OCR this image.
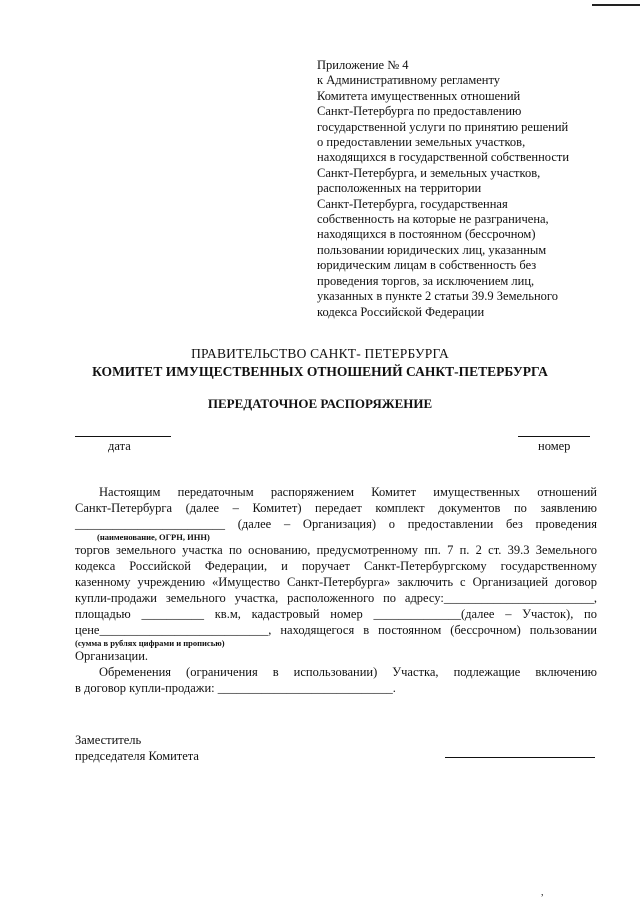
Приложение № 4
к Административному регламенту
Комитета имущественных отношений
Санкт-Петербурга по предоставлению
государственной услуги по принятию решений
о предоставлении земельных участков,
находящихся в государственной собственности
Санкт-Петербурга, и земельных участков,
расположенных на территории
Санкт-Петербурга, государственная
собственность на которые не разграничена,
находящихся в постоянном (бессрочном)
пользовании юридических лиц, указанным
юридическим лицам в собственность без
проведения торгов, за исключением лиц,
указанных в пункте 2 статьи 39.9 Земельного
кодекса Российской Федерации
ПРАВИТЕЛЬСТВО САНКТ- ПЕТЕРБУРГА
КОМИТЕТ ИМУЩЕСТВЕННЫХ ОТНОШЕНИЙ САНКТ-ПЕТЕРБУРГА
ПЕРЕДАТОЧНОЕ РАСПОРЯЖЕНИЕ
дата	номер
Настоящим передаточным распоряжением Комитет имущественных отношений
Санкт-Петербурга (далее – Комитет) передает комплект документов по заявлению
________________________ (далее – Организация) о предоставлении без проведения
(наименование, ОГРН, ИНН)
торгов земельного участка по основанию, предусмотренному пп. 7 п. 2 ст. 39.3 Земельного
кодекса Российской Федерации, и поручает Санкт-Петербургскому государственному
казенному учреждению «Имущество Санкт-Петербурга» заключить с Организацией договор
купли-продажи земельного участка, расположенного по адресу:________________________,
площадью __________ кв.м, кадастровый номер ______________(далее – Участок), по
цене___________________________, находящегося в постоянном (бессрочном) пользовании
(сумма в рублях цифрами и прописью)
Организации.
Обременения (ограничения в использовании) Участка, подлежащие включению
в договор купли-продажи: ____________________________.
Заместитель
председателя Комитета
,
